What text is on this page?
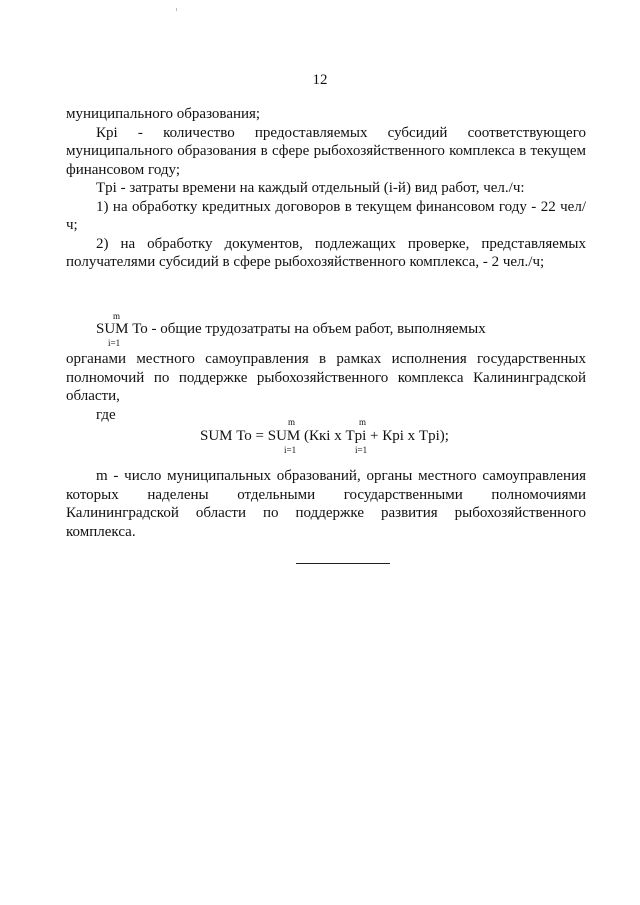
12

муниципального образования;

Кpi - количество предоставляемых субсидий соответствующего муниципального образования в сфере рыбохозяйственного комплекса в текущем финансовом году;

Тpi - затраты времени на каждый отдельный (i-й) вид работ, чел./ч:

1) на обработку кредитных договоров в текущем финансовом году - 22 чел/ч;

2) на обработку документов, подлежащих проверке, представляемых получателями субсидий в сфере рыбохозяйственного комплекса, - 2 чел./ч;

m
SUM То - общие трудозатраты на объем работ, выполняемых
i=1

органами местного самоуправления в рамках исполнения государственных полномочий по поддержке рыбохозяйственного комплекса Калининградской области,

где	m	m
SUM То = SUM (Ккi х Тpi + Кpi х Тpi);
i=1	i=1

m - число муниципальных образований, органы местного самоуправления которых наделены отдельными государственными полномочиями Калининградской области по поддержке развития рыбохозяйственного комплекса.
